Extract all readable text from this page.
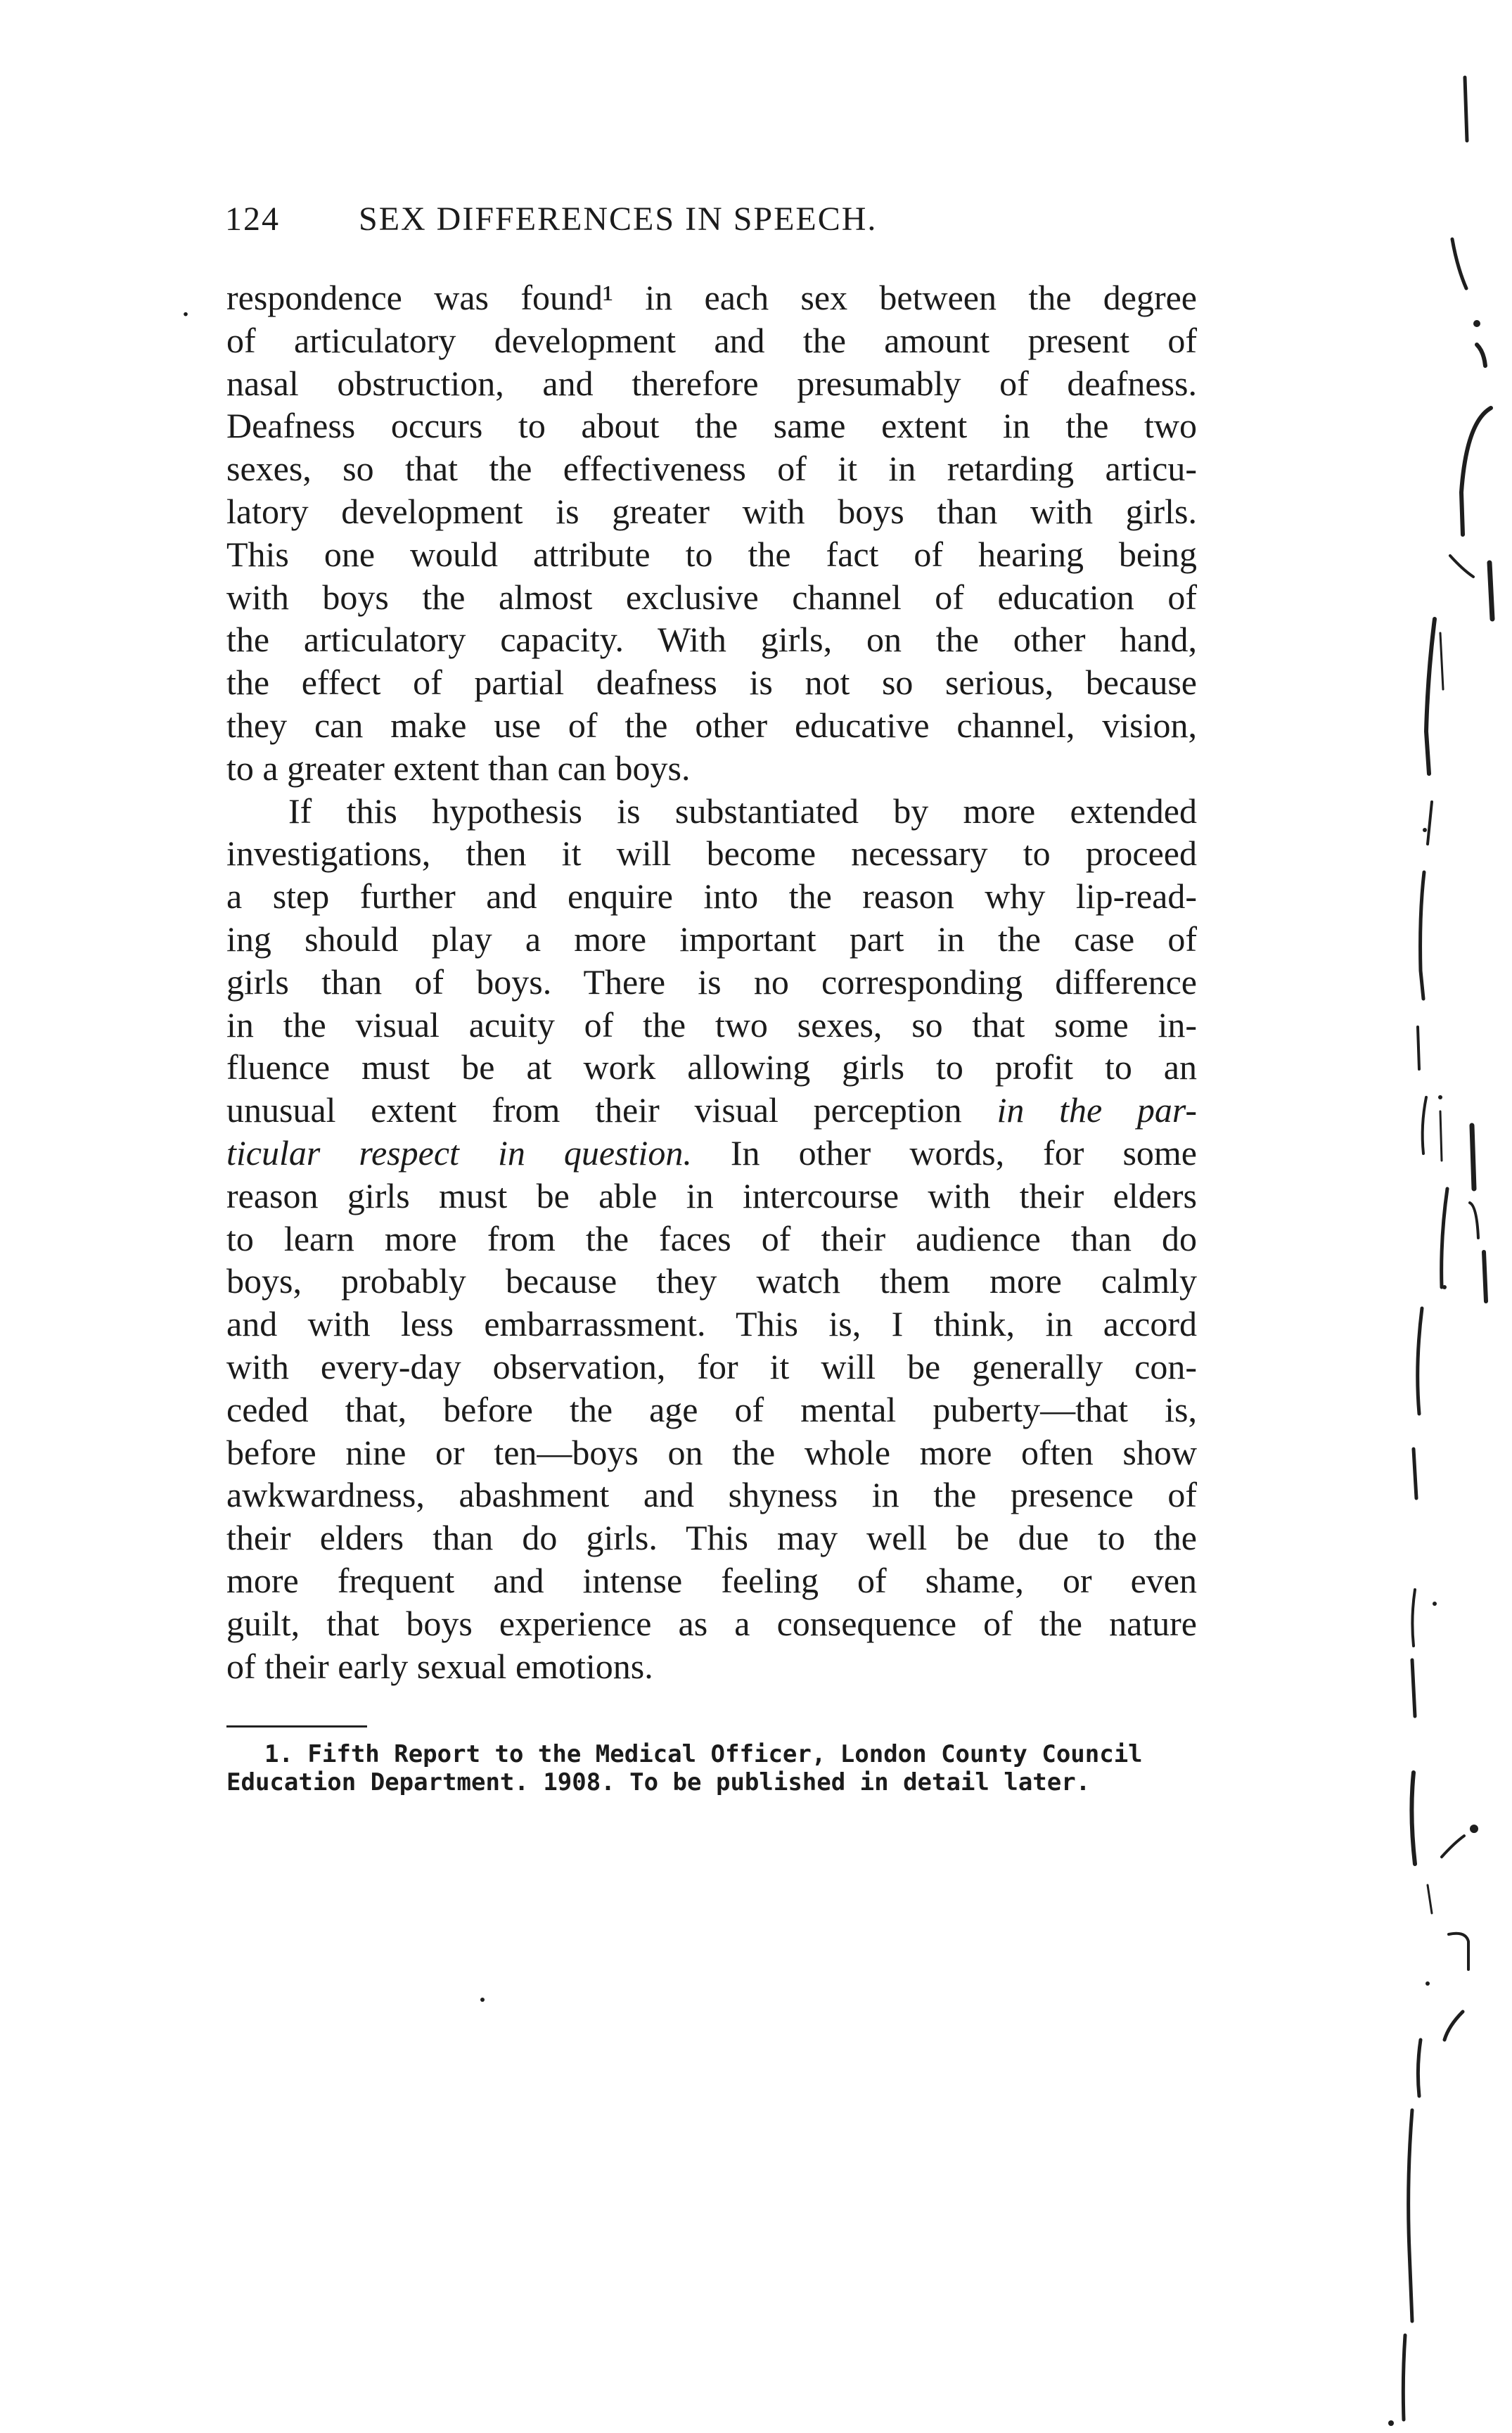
124 SEX DIFFERENCES IN SPEECH.
. respondence was found¹ in each sex between the degree
of articulatory development and the amount present of
nasal obstruction, and therefore presumably of deafness.
Deafness occurs to about the same extent in the two
sexes, so that the effectiveness of it in retarding articu-
latory development is greater with boys than with girls.
This one would attribute to the fact of hearing being
with boys the almost exclusive channel of education of
the articulatory capacity. With girls, on the other hand,
the effect of partial deafness is not so serious, because
they can make use of the other educative channel, vision,
to a greater extent than can boys.
If this hypothesis is substantiated by more extended
investigations, then it will become necessary to proceed
a step further and enquire into the reason why lip-read-
ing should play a more important part in the case of
girls than of boys. There is no corresponding difference
in the visual acuity of the two sexes, so that some in-
fluence must be at work allowing girls to profit to an
unusual extent from their visual perception in the par-
ticular respect in question. In other words, for some
reason girls must be able in intercourse with their elders
to learn more from the faces of their audience than do
boys, probably because they watch them more calmly
and with less embarrassment. This is, I think, in accord
with every-day observation, for it will be generally con-
ceded that, before the age of mental puberty—that is,
before nine or ten—boys on the whole more often show
awkwardness, abashment and shyness in the presence of
their elders than do girls. This may well be due to the
more frequent and intense feeling of shame, or even
guilt, that boys experience as a consequence of the nature
of their early sexual emotions.
1. Fifth Report to the Medical Officer, London County Council
Education Department. 1908. To be published in detail later.
